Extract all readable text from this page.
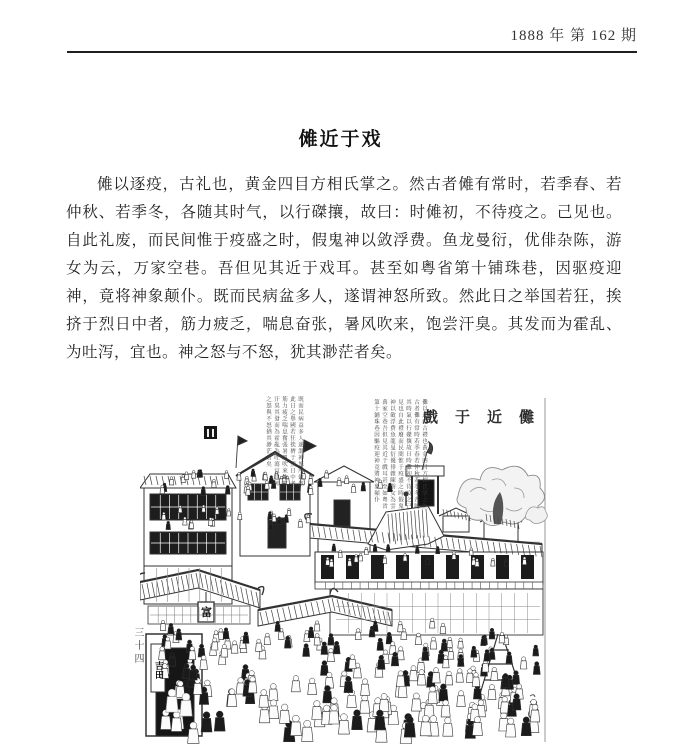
1888 年 第 162 期
傩近于戏
傩以逐疫，古礼也，黄金四目方相氏掌之。然古者傩有常时，若季春、若仲秋、若季冬，各随其时气，以行磔攘，故曰：时傩初，不待疫之。己见也。自此礼废，而民间惟于疫盛之时，假鬼神以敛浮费。鱼龙曼衍，优俳杂陈，游女为云，万家空巷。吾但见其近于戏耳。甚至如粤省第十铺珠巷，因驱疫迎神，竟将神象颠仆。既而民病盆多人，遂谓神怒所致。然此日之举国若狂，挨挤于烈日中者，筋力疲乏，喘息奋张，暑风吹来，饱尝汗臭。其发而为霍乱、为吐泻，宜也。神之怒与不怒，犹其渺茫者矣。
三十四
戲 于 近 儺
儺以逐疫古禮也黃金四目方相氏掌之然古者儺有常時若季春若仲秋若季冬各隨其時氣以行磔攘故曰時儺初不待疫之己見也自此禮廢而民間惟于疫盛之時假鬼神以斂浮費魚龍曼衍優俳雜陳游女為雲萬家空巷吾但見其近于戲耳甚至如粵省第十鋪珠巷因驅疫迎神竟將神象顛仆
既而民病益多人遂謂神怒所致然此日之舉國若狂挨擠于烈日中者筋力疲乏喘息奮張暑風吹來飽嘗汗臭其發而為霍亂為吐瀉宜也神之怒與不怒猶其渺茫者矣
吉田
富
